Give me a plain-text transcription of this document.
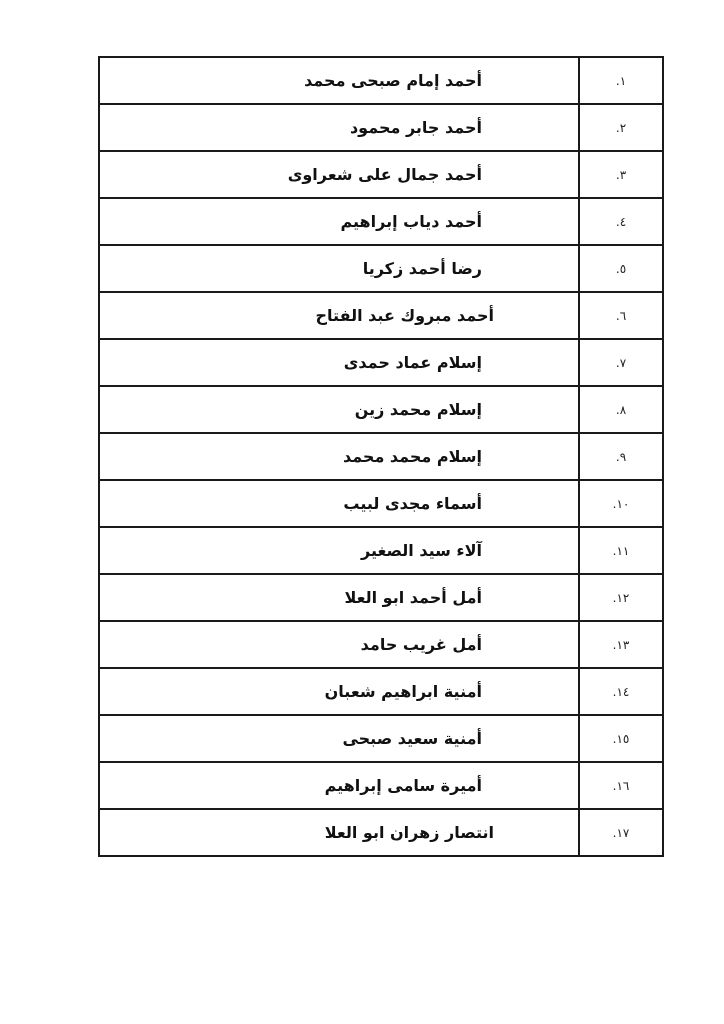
أحمد إمام صبحى محمد	١.
أحمد جابر محمود	٢.
أحمد جمال على شعراوى	٣.
أحمد دياب إبراهيم	٤.
رضا أحمد زكريا	٥.
أحمد مبروك عبد الفتاح	٦.
إسلام عماد حمدى	٧.
إسلام محمد زين	٨.
إسلام محمد محمد	٩.
أسماء مجدى لبيب	١٠.
آلاء سيد الصغير	١١.
أمل أحمد ابو العلا	١٢.
أمل غريب حامد	١٣.
أمنية ابراهيم شعبان	١٤.
أمنية سعيد صبحى	١٥.
أميرة سامى إبراهيم	١٦.
انتصار زهران ابو العلا	١٧.
